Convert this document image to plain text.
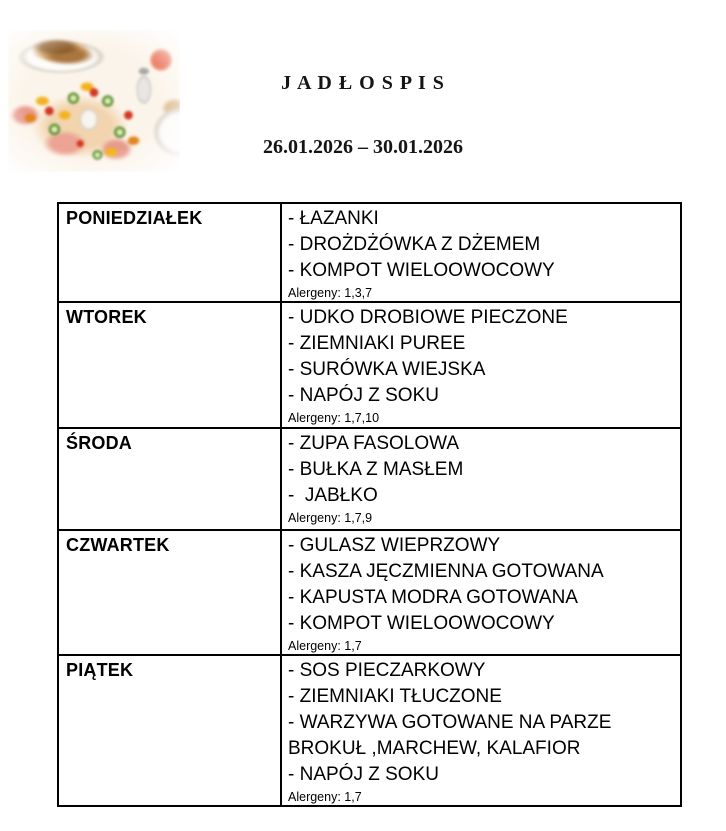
J A D Ł O S P I S
26.01.2026 – 30.01.2026
PONIEDZIAŁEK	- ŁAZANKI
- DROŻDŻÓWKA Z DŻEMEM
- KOMPOT WIELOOWOCOWY
Alergeny: 1,3,7

WTOREK	- UDKO DROBIOWE PIECZONE
- ZIEMNIAKI PUREE
- SURÓWKA WIEJSKA
- NAPÓJ Z SOKU
Alergeny: 1,7,10

ŚRODA	- ZUPA FASOLOWA
- BUŁKA Z MASŁEM
-  JABŁKO
Alergeny: 1,7,9

CZWARTEK	- GULASZ WIEPRZOWY
- KASZA JĘCZMIENNA GOTOWANA
- KAPUSTA MODRA GOTOWANA
- KOMPOT WIELOOWOCOWY
Alergeny: 1,7

PIĄTEK	- SOS PIECZARKOWY
- ZIEMNIAKI TŁUCZONE
- WARZYWA GOTOWANE NA PARZE
BROKUŁ ,MARCHEW, KALAFIOR
- NAPÓJ Z SOKU
Alergeny: 1,7
